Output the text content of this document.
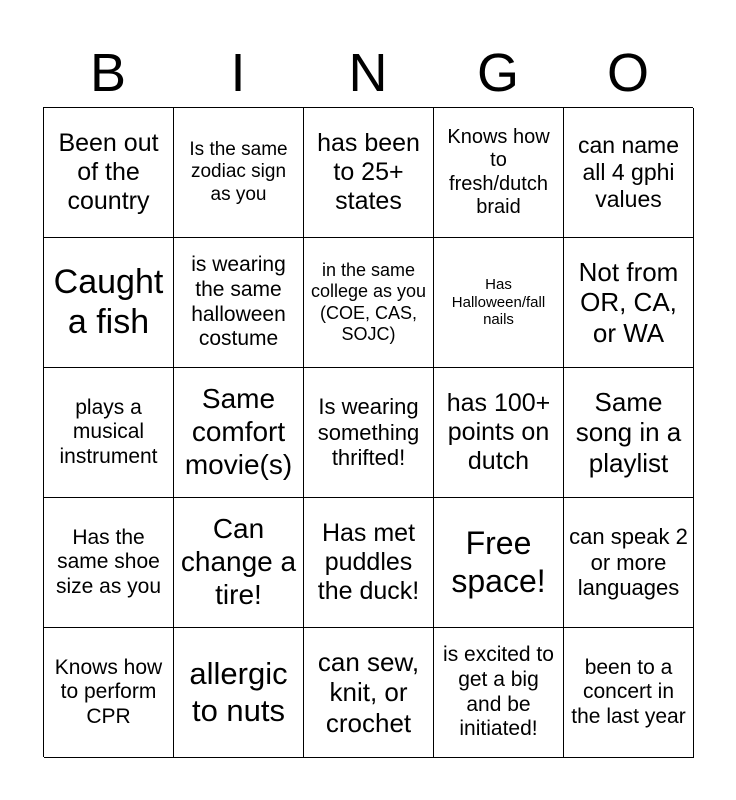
B	I	N	G	O
Been out of the country
Is the same zodiac sign as you
has been to 25+ states
Knows how to fresh/dutch braid
can name all 4 gphi values
Caught a fish
is wearing the same halloween costume
in the same college as you (COE, CAS, SOJC)
Has Halloween/fall nails
Not from OR, CA, or WA
plays a musical instrument
Same comfort movie(s)
Is wearing something thrifted!
has 100+ points on dutch
Same song in a playlist
Has the same shoe size as you
Can change a tire!
Has met puddles the duck!
Free space!
can speak 2 or more languages
Knows how to perform CPR
allergic to nuts
can sew, knit, or crochet
is excited to get a big and be initiated!
been to a concert in the last year
